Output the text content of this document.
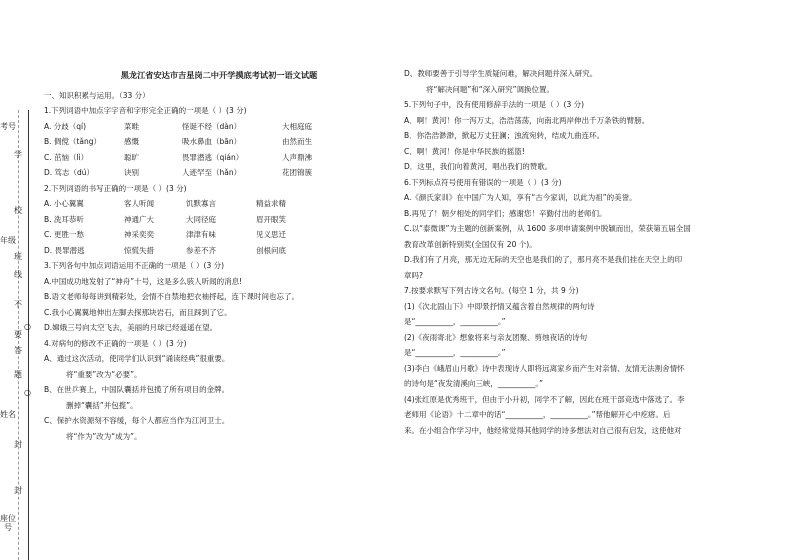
考号
学
校
年级
班
线
不
要
答
题
姓名
封
封
座位号
○
○
黑龙江省安达市吉星岗二中开学摸底考试初一语文试题
一、知识积累与运用。（33 分）
1.下列词语中加点字字音和字形完全正确的一项是（ ）(3 分)
A. 分歧（qí)	菜畦	怪诞不经（dàn）	大相庭庭
B. 倜傥（tǎng）	感慨	吸水鼻血（bān）	由然而生
C. 茁恼（lì）	聪旷	畏罪潜逃（qián）	人声鼎沸
D. 笃志（dú）	诀别	人迹罕至（hǎn）	花团锦簇
2.下列词语的书写正确的一项是（ ）(3 分)
A. 小心翼翼	客人听闻	饥默寡言	精益求精
B. 洗耳恭听	神通广大	大同径庭	眉开眼笑
C. 更胜一愁	神采奕奕	津津有味	见义思迁
D. 畏罪潜逃	惊慌失措	参差不齐	创根问底
3.下列各句中加点词语运用不正确的一项是（ ）(3 分)
A.中国成功地发射了“神舟”十号，这是多么骇人听闻的消息!
B.语文老师每每讲到精彩处，会情不自禁地把衣袖捋起，连下课时间也忘了。
C.我小心翼翼地伸出左脚去探那块岩石，而且踩到了它。
D.嫦娥三号向太空飞去，美丽的月球已经遥遥在望。
4.对病句的修改不正确的一项是（ ）(3 分)
A、通过这次活动，使同学们认识到“诵读经典”很重要。
将“重要”改为“必要”。
B、在世乒赛上，中国队囊括并包揽了所有项目的金牌。
删掉“囊括”并包揽”。
C、保护水资源刻不容缓，每个人都应当作为江河卫士。
将“作为”改为“成为”。
D、教师要善于引导学生质疑问难，解决问题并深入研究。
将“解决问题”和“深入研究”调换位置。
5.下列句子中，没有使用修辞手法的一项是（ ）(3 分)
A．啊！黄河！你一泻万丈，浩浩荡荡，向南北两岸伸出千万条铁的臂膀。
B．你浩浩渺渺，掀起万丈狂澜；浊流宛转，结成九曲连环。
C．啊！黄河！你是中华民族的摇篮!
D．这里，我们向着黄河，唱出我们的赞歌。
6.下列标点符号使用有错误的一项是（ ）(3 分)
A.《颜氏家训》在中国广为人知，享有“古今家训，以此为祖”的美誉。
B.再见了！朝夕相处的同学们；感谢您！辛勤付出的老师们。
C.以“泰微课”为主题的创新案例，从 1600 多项申请案例中脱颖而出，荣获第五届全国
教育改革创新特别奖(全国仅有 20 个)。
D.我们有了月亮，那无边无际的天空也是我们的了，那月亮不是我们挂在天空上的印
章吗?
7.按要求默写下列古诗文名句。(每空 1 分，共 9 分)
(1)《次北固山下》中即景抒情又蕴含着自然规律的两句诗
是“__________，__________。”
(2)《夜雨寄北》想象将来与亲友团聚、剪烛夜话的诗句
是“__________，__________。”
(3)李白《峨眉山月歌》诗中表现诗人即将远离家乡而产生对亲情、友情无法割舍情怀
的诗句是“夜发清溪向三峡，__________。”
(4)张红原是优秀班干，但由于小升初，同学不了解，因此在班干部竞选中落选了。李
老师用《论语》十二章中的话“__________，__________。”帮他解开心中疙瘩。后
来。在小组合作学习中，他经常觉得其他同学的诗多想法对自己很有启发，这使他对
